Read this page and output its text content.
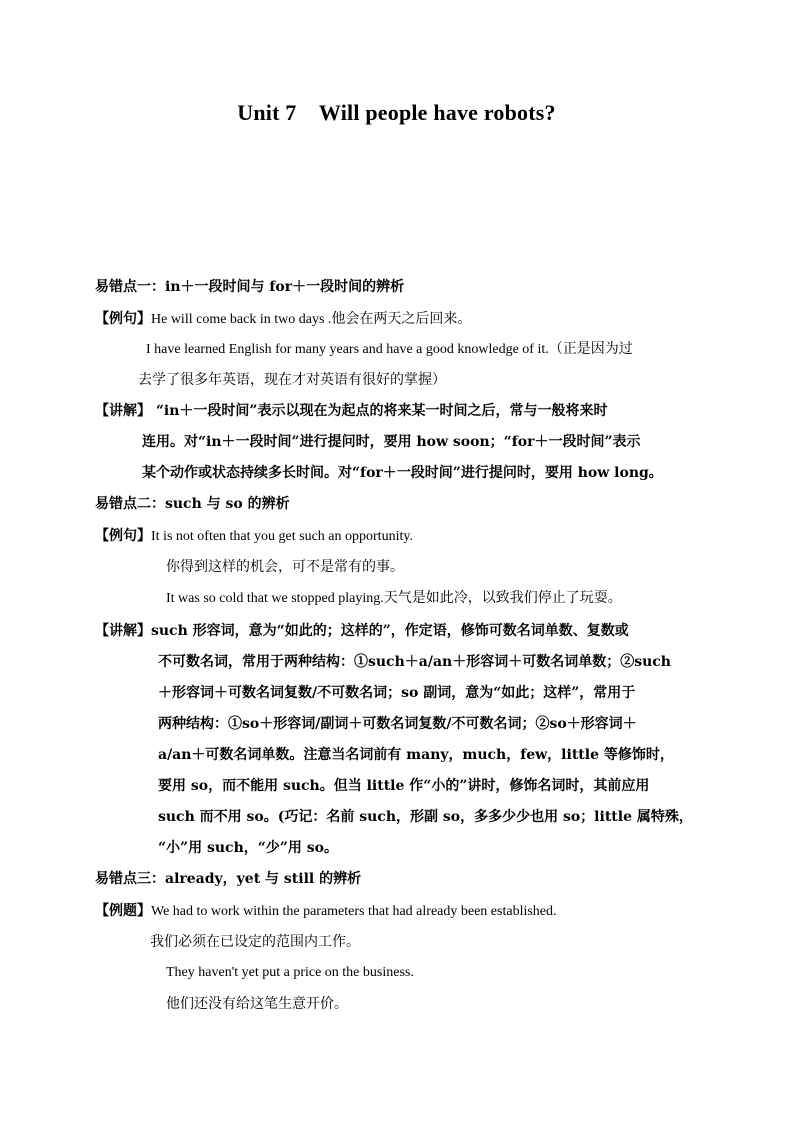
Unit 7    Will people have robots?
易错点一：in＋一段时间与 for＋一段时间的辨析
【例句】He will come back in two days .他会在两天之后回来。
I have learned English for many years and have a good knowledge of it.（正是因为过
去学了很多年英语，现在才对英语有很好的掌握）
【讲解】 “in＋一段时间”表示以现在为起点的将来某一时间之后，常与一般将来时
连用。对“in＋一段时间”进行提问时，要用 how soon；“for＋一段时间”表示
某个动作或状态持续多长时间。对“for＋一段时间”进行提问时，要用 how long。
易错点二：such 与 so 的辨析
【例句】It is not often that you get such an opportunity.
你得到这样的机会，可不是常有的事。
It was so cold that we stopped playing.天气是如此冷，以致我们停止了玩耍。
【讲解】such 形容词，意为“如此的；这样的”，作定语，修饰可数名词单数、复数或
不可数名词，常用于两种结构：①such＋a/an＋形容词＋可数名词单数；②such
＋形容词＋可数名词复数/不可数名词；so 副词，意为“如此；这样”，常用于
两种结构：①so＋形容词/副词＋可数名词复数/不可数名词；②so＋形容词＋
a/an＋可数名词单数。注意当名词前有 many，much，few，little 等修饰时，
要用 so，而不能用 such。但当 little 作“小的”讲时，修饰名词时，其前应用
such 而不用 so。(巧记：名前 such，形副 so，多多少少也用 so；little 属特殊，
“小”用 such，“少”用 so。
易错点三：already，yet 与 still 的辨析
【例题】We had to work within the parameters that had already been established.
我们必须在已设定的范围内工作。
They haven't yet put a price on the business.
他们还没有给这笔生意开价。
